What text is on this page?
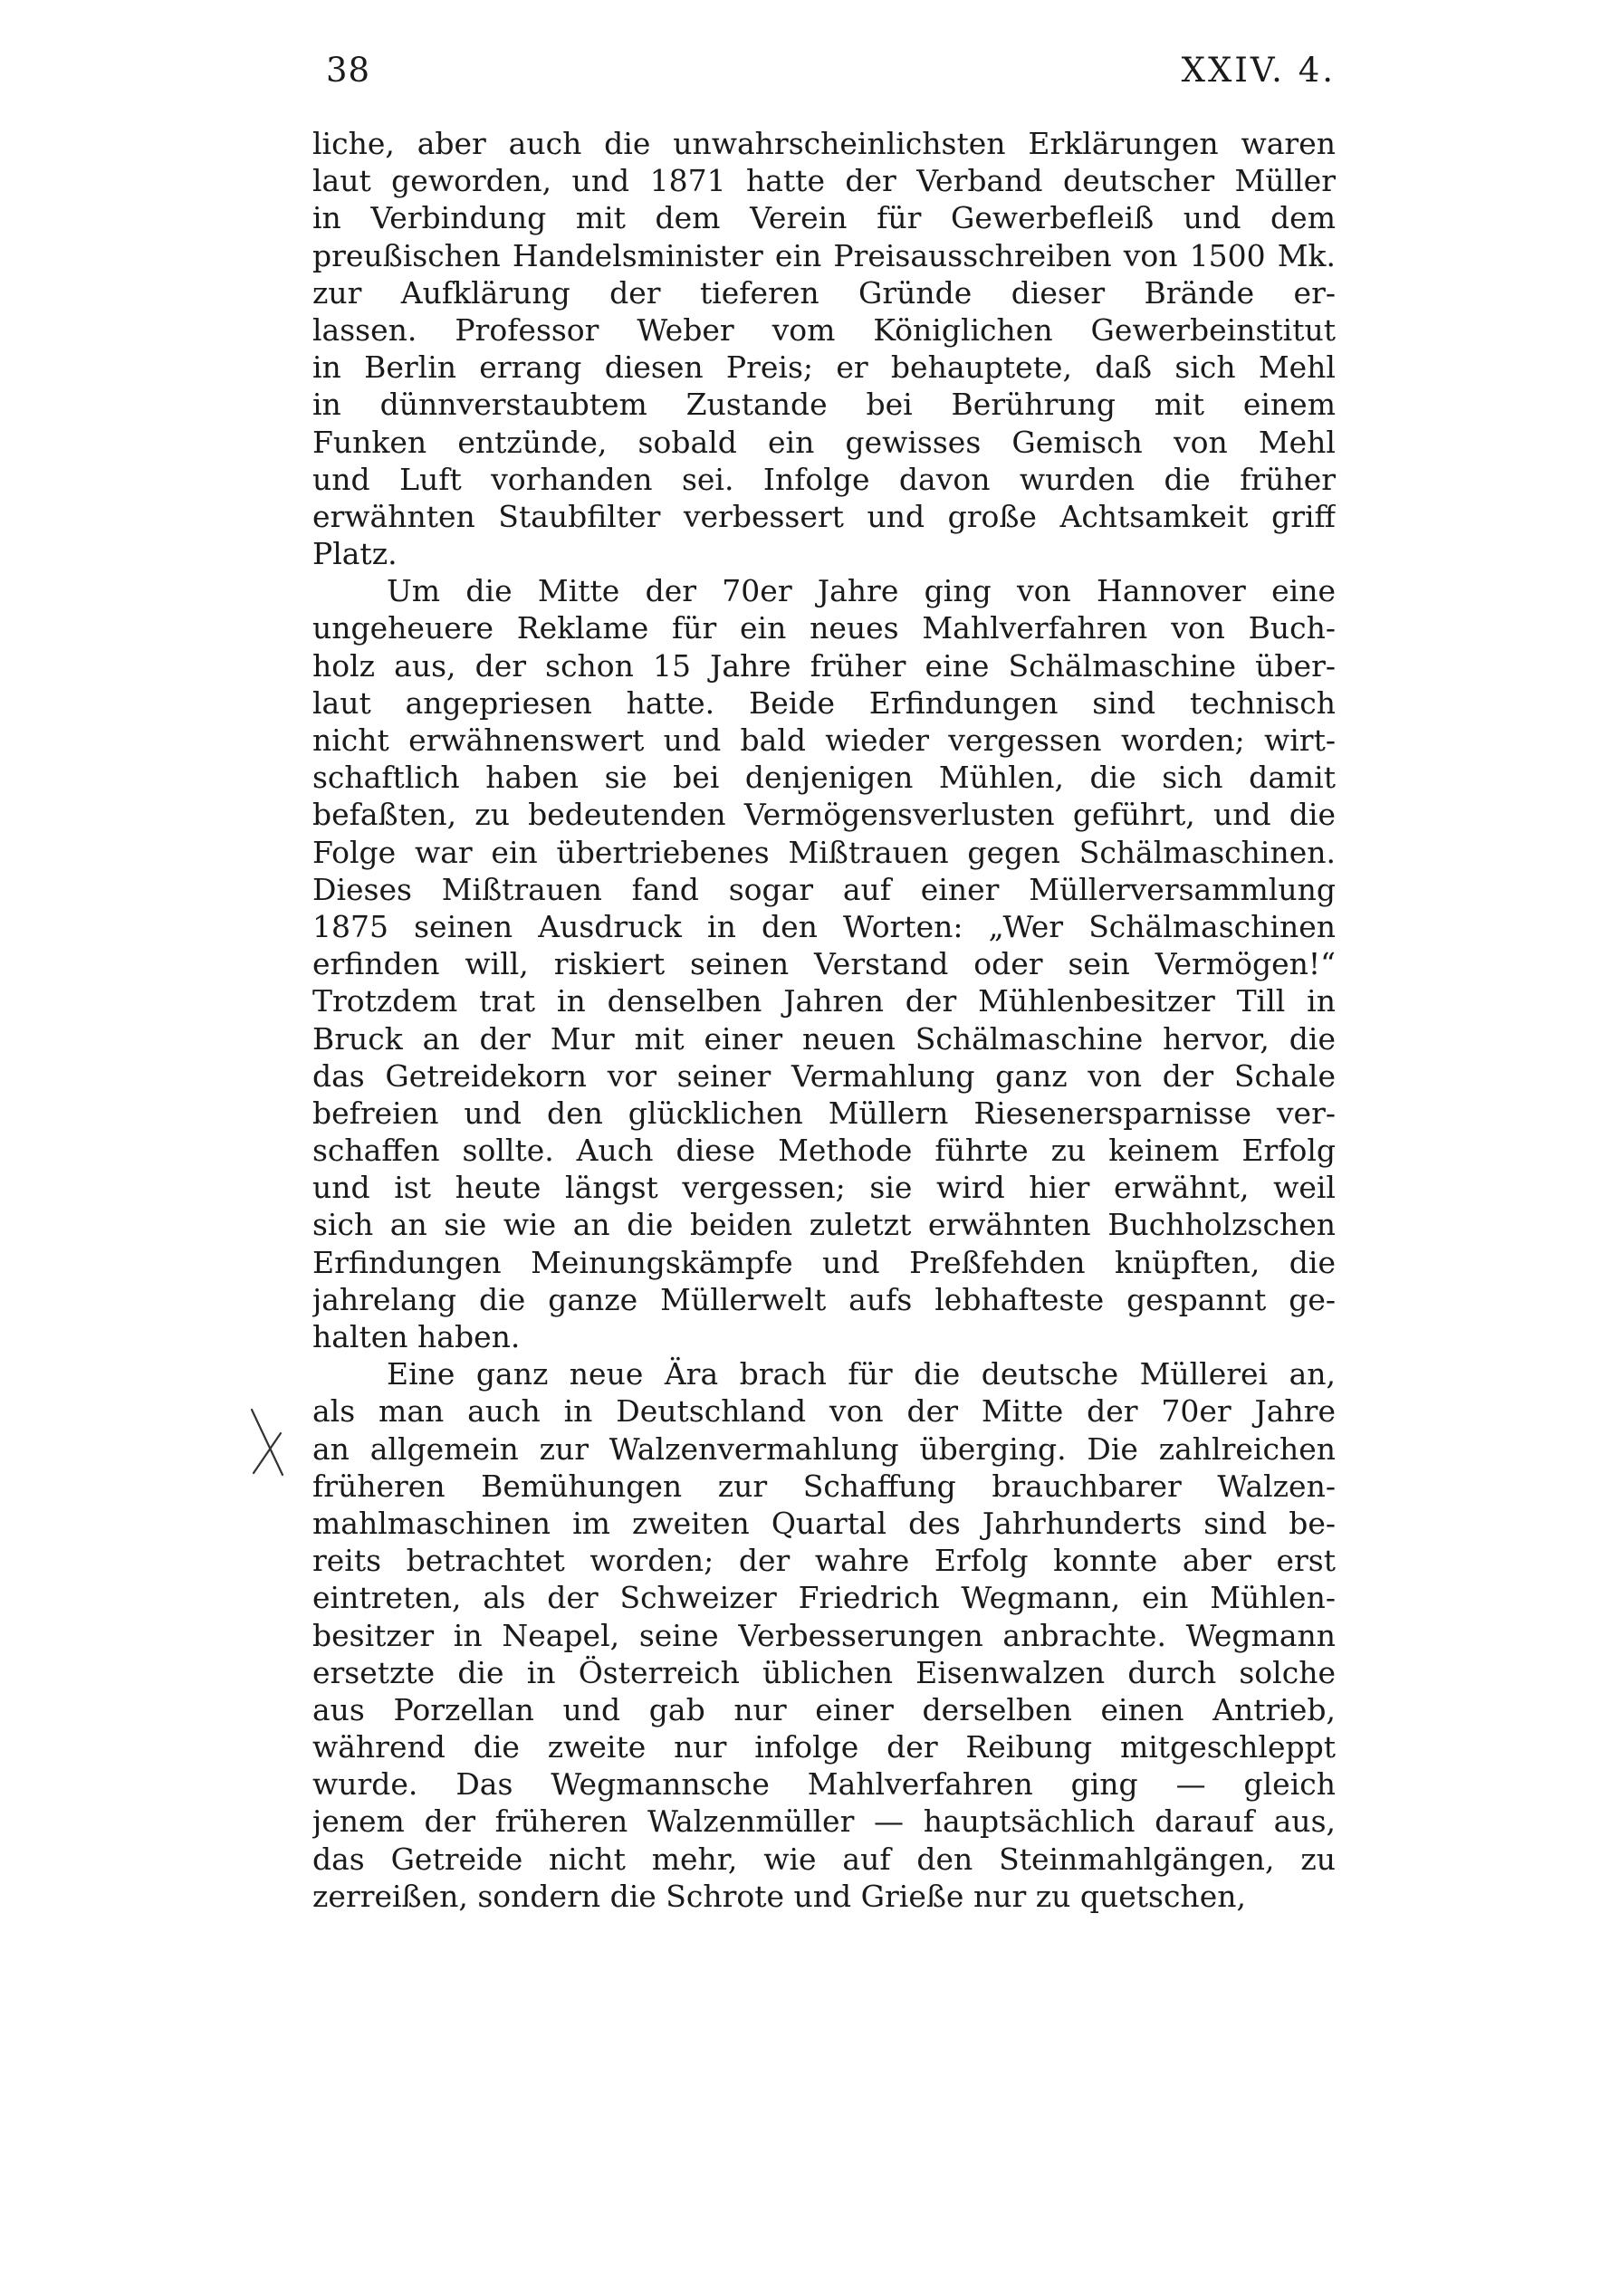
38	XXIV. 4.
liche, aber auch die unwahrscheinlichsten Erklärungen waren
laut geworden, und 1871 hatte der Verband deutscher Müller
in Verbindung mit dem Verein für Gewerbefleiß und dem
preußischen Handelsminister ein Preisausschreiben von 1500 Mk.
zur Aufklärung der tieferen Gründe dieser Brände er-
lassen. Professor Weber vom Königlichen Gewerbeinstitut
in Berlin errang diesen Preis; er behauptete, daß sich Mehl
in dünnverstaubtem Zustande bei Berührung mit einem
Funken entzünde, sobald ein gewisses Gemisch von Mehl
und Luft vorhanden sei. Infolge davon wurden die früher
erwähnten Staubfilter verbessert und große Achtsamkeit griff
Platz.
Um die Mitte der 70er Jahre ging von Hannover eine
ungeheuere Reklame für ein neues Mahlverfahren von Buch-
holz aus, der schon 15 Jahre früher eine Schälmaschine über-
laut angepriesen hatte. Beide Erfindungen sind technisch
nicht erwähnenswert und bald wieder vergessen worden; wirt-
schaftlich haben sie bei denjenigen Mühlen, die sich damit
befaßten, zu bedeutenden Vermögensverlusten geführt, und die
Folge war ein übertriebenes Mißtrauen gegen Schälmaschinen.
Dieses Mißtrauen fand sogar auf einer Müllerversammlung
1875 seinen Ausdruck in den Worten: „Wer Schälmaschinen
erfinden will, riskiert seinen Verstand oder sein Vermögen!“
Trotzdem trat in denselben Jahren der Mühlenbesitzer Till in
Bruck an der Mur mit einer neuen Schälmaschine hervor, die
das Getreidekorn vor seiner Vermahlung ganz von der Schale
befreien und den glücklichen Müllern Riesenersparnisse ver-
schaffen sollte. Auch diese Methode führte zu keinem Erfolg
und ist heute längst vergessen; sie wird hier erwähnt, weil
sich an sie wie an die beiden zuletzt erwähnten Buchholzschen
Erfindungen Meinungskämpfe und Preßfehden knüpften, die
jahrelang die ganze Müllerwelt aufs lebhafteste gespannt ge-
halten haben.
Eine ganz neue Ära brach für die deutsche Müllerei an,
als man auch in Deutschland von der Mitte der 70er Jahre
an allgemein zur Walzenvermahlung überging. Die zahlreichen
früheren Bemühungen zur Schaffung brauchbarer Walzen-
mahlmaschinen im zweiten Quartal des Jahrhunderts sind be-
reits betrachtet worden; der wahre Erfolg konnte aber erst
eintreten, als der Schweizer Friedrich Wegmann, ein Mühlen-
besitzer in Neapel, seine Verbesserungen anbrachte. Wegmann
ersetzte die in Österreich üblichen Eisenwalzen durch solche
aus Porzellan und gab nur einer derselben einen Antrieb,
während die zweite nur infolge der Reibung mitgeschleppt
wurde. Das Wegmannsche Mahlverfahren ging — gleich
jenem der früheren Walzenmüller — hauptsächlich darauf aus,
das Getreide nicht mehr, wie auf den Steinmahlgängen, zu
zerreißen, sondern die Schrote und Grieße nur zu quetschen,
